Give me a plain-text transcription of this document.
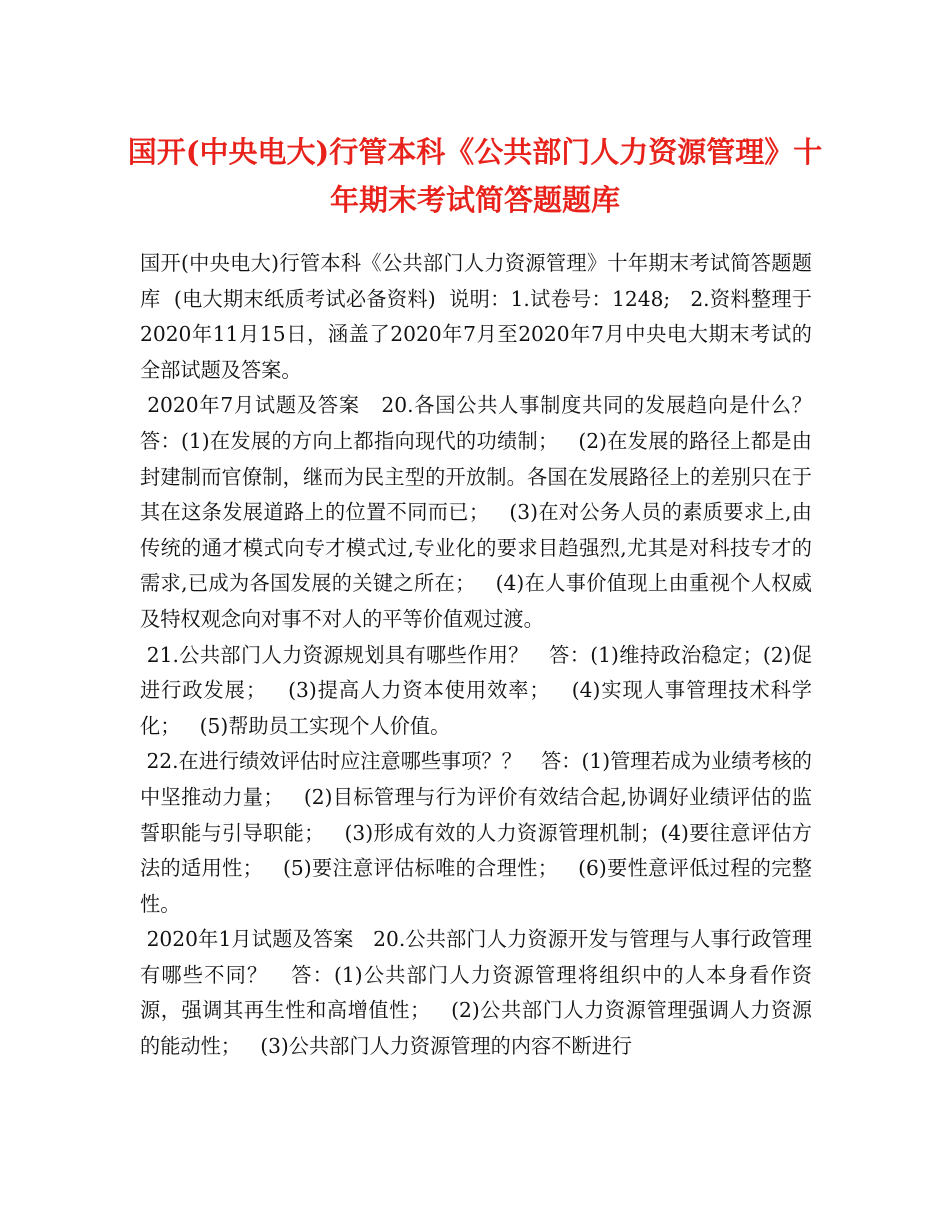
国开(中央电大)行管本科《公共部门人力资源管理》十年期末考试简答题题库

国开(中央电大)行管本科《公共部门人力资源管理》十年期末考试简答题题库  (电大期末纸质考试必备资料)  说明：1.试卷号：1248;   2.资料整理于2020年11月15日，涵盖了2020年7月至2020年7月中央电大期末考试的全部试题及答案。

2020年7月试题及答案   20.各国公共人事制度共同的发展趋向是什么？   答：(1)在发展的方向上都指向现代的功绩制；   (2)在发展的路径上都是由封建制而官僚制，继而为民主型的开放制。各国在发展路径上的差别只在于其在这条发展道路上的位置不同而已；   (3)在对公务人员的素质要求上,由传统的通才模式向专才模式过,专业化的要求目趋强烈,尤其是对科技专才的需求,已成为各国发展的关键之所在；   (4)在人事价值现上由重视个人权威及特权观念向对事不对人的平等价值观过渡。

21.公共部门人力资源规划具有哪些作用？   答：(1)维持政治稳定；(2)促进行政发展；   (3)提高人力资本使用效率；   (4)实现人事管理技术科学化；   (5)帮助员工实现个人价值。

22.在进行绩效评估时应注意哪些事项？？   答：(1)管理若成为业绩考核的中坚推动力量；   (2)目标管理与行为评价有效结合起,协调好业绩评估的监誓职能与引导职能；   (3)形成有效的人力资源管理机制；(4)要往意评估方法的适用性；   (5)要注意评估标唯的合理性；   (6)要性意评低过程的完整性。

2020年1月试题及答案   20.公共部门人力资源开发与管理与人事行政管理有哪些不同？   答：(1)公共部门人力资源管理将组织中的人本身看作资源，强调其再生性和高增值性；   (2)公共部门人力资源管理强调人力资源的能动性；   (3)公共部门人力资源管理的内容不断进行
